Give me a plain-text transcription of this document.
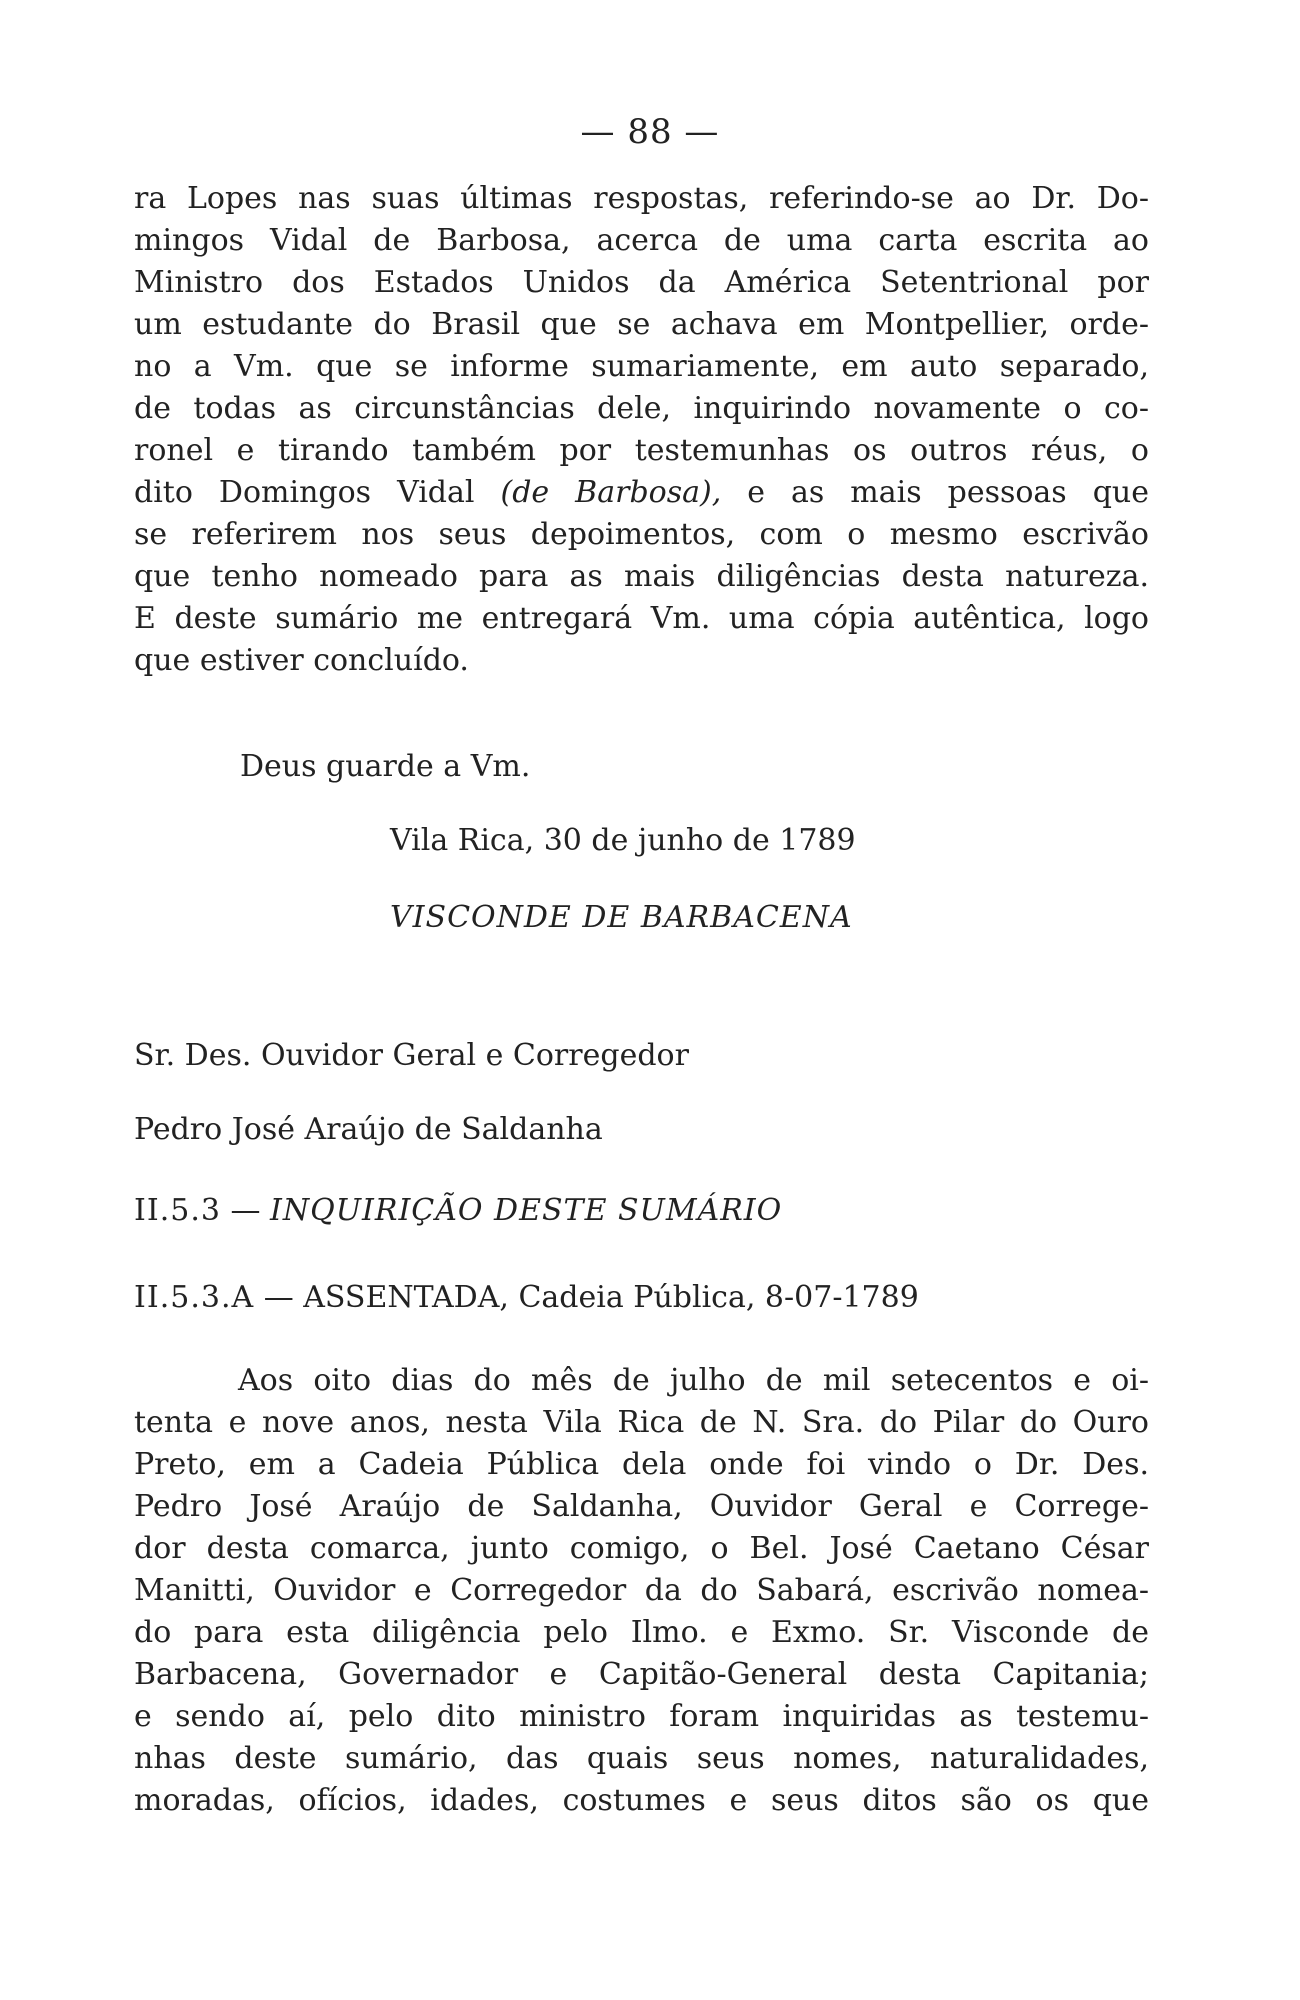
— 88 —
ra Lopes nas suas últimas respostas, referindo-se ao Dr. Do-
mingos Vidal de Barbosa, acerca de uma carta escrita ao
Ministro dos Estados Unidos da América Setentrional por
um estudante do Brasil que se achava em Montpellier, orde-
no a Vm. que se informe sumariamente, em auto separado,
de todas as circunstâncias dele, inquirindo novamente o co-
ronel e tirando também por testemunhas os outros réus, o
dito Domingos Vidal (de Barbosa), e as mais pessoas que
se referirem nos seus depoimentos, com o mesmo escrivão
que tenho nomeado para as mais diligências desta natureza.
E deste sumário me entregará Vm. uma cópia autêntica, logo
que estiver concluído.
Deus guarde a Vm.
Vila Rica, 30 de junho de 1789
VISCONDE DE BARBACENA
Sr. Des. Ouvidor Geral e Corregedor
Pedro José Araújo de Saldanha
II.5.3 — INQUIRIÇÃO DESTE SUMÁRIO
II.5.3.A — ASSENTADA, Cadeia Pública, 8-07-1789
Aos oito dias do mês de julho de mil setecentos e oi-
tenta e nove anos, nesta Vila Rica de N. Sra. do Pilar do Ouro
Preto, em a Cadeia Pública dela onde foi vindo o Dr. Des.
Pedro José Araújo de Saldanha, Ouvidor Geral e Correge-
dor desta comarca, junto comigo, o Bel. José Caetano César
Manitti, Ouvidor e Corregedor da do Sabará, escrivão nomea-
do para esta diligência pelo Ilmo. e Exmo. Sr. Visconde de
Barbacena, Governador e Capitão-General desta Capitania;
e sendo aí, pelo dito ministro foram inquiridas as testemu-
nhas deste sumário, das quais seus nomes, naturalidades,
moradas, ofícios, idades, costumes e seus ditos são os que
